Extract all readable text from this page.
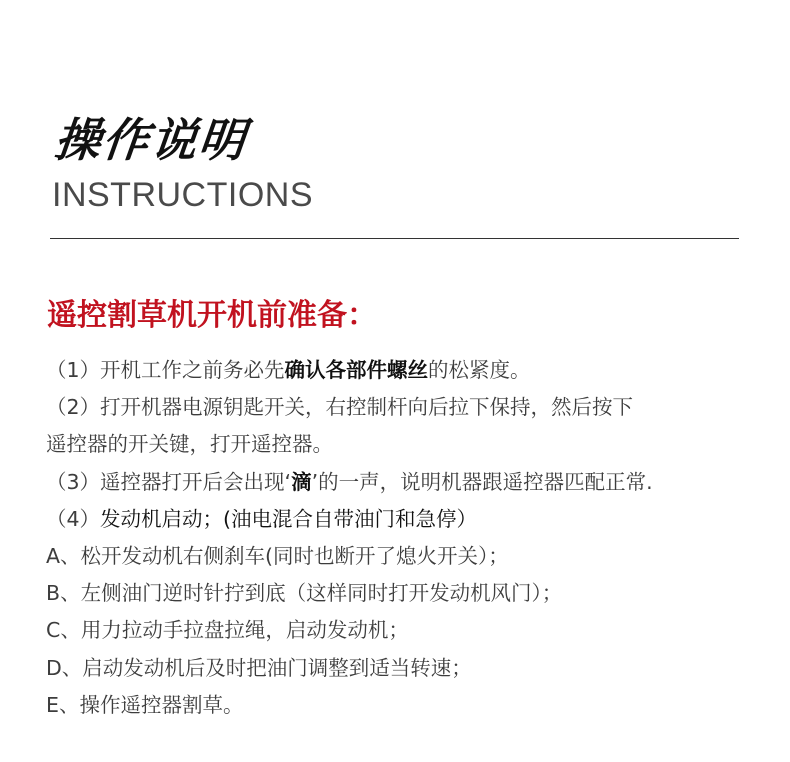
操作说明
INSTRUCTIONS
遥控割草机开机前准备：
（1）开机工作之前务必先确认各部件螺丝的松紧度。
（2）打开机器电源钥匙开关，右控制杆向后拉下保持，然后按下
遥控器的开关键，打开遥控器。
（3）遥控器打开后会出现‘滴’的一声，说明机器跟遥控器匹配正常.
（4）发动机启动；(油电混合自带油门和急停）
A、松开发动机右侧刹车(同时也断开了熄火开关）；
B、左侧油门逆时针拧到底（这样同时打开发动机风门）；
C、用力拉动手拉盘拉绳，启动发动机；
D、启动发动机后及时把油门调整到适当转速；
E、操作遥控器割草。
